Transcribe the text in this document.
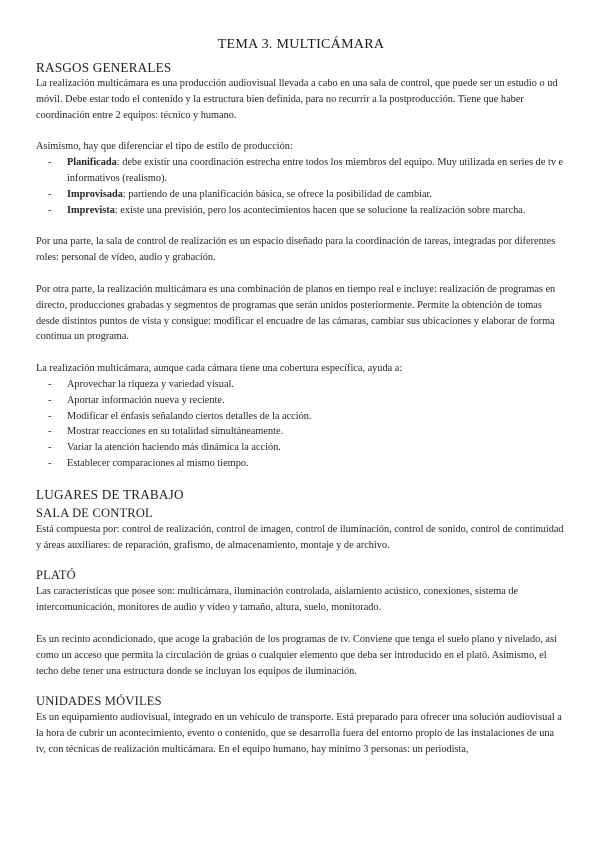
TEMA 3. MULTICÁMARA
RASGOS GENERALES

La realización multicámara es una producción audiovisual llevada a cabo en una sala de control, que puede ser un estudio o ud móvil. Debe estar todo el contenido y la estructura bien definida, para no recurrir a la postproducción. Tiene que haber coordinación entre 2 equipos: técnico y humano.

Asimismo, hay que diferenciar el tipo de estilo de producción:

- Planificada: debe existir una coordinación estrecha entre todos los miembros del equipo. Muy utilizada en series de tv e informativos (realismo).
- Improvisada: partiendo de una planificación básica, se ofrece la posibilidad de cambiar.
- Imprevista: existe una previsión, pero los acontecimientos hacen que se solucione la realización sobre marcha.

Por una parte, la sala de control de realización es un espacio diseñado para la coordinación de tareas, integradas por diferentes roles: personal de vídeo, audio y grabación.

Por otra parte, la realización multicámara es una combinación de planos en tiempo real e incluye: realización de programas en directo, producciones grabadas y segmentos de programas que serán unidos posteriormente. Permite la obtención de tomas desde distintos puntos de vista y consigue: modificar el encuadre de las cámaras, cambiar sus ubicaciones y elaborar de forma continua un programa.

La realización multicámara, aunque cada cámara tiene una cobertura específica, ayuda a:

- Aprovechar la riqueza y variedad visual.
- Aportar información nueva y reciente.
- Modificar el énfasis señalando ciertos detalles de la acción.
- Mostrar reacciones en su totalidad simultáneamente.
- Variar la atención haciendo más dinámica la acción.
- Establecer comparaciones al mismo tiempo.
LUGARES DE TRABAJO
SALA DE CONTROL

Está compuesta por: control de realización, control de imagen, control de iluminación, control de sonido, control de continuidad y áreas auxiliares: de reparación, grafismo, de almacenamiento, montaje y de archivo.

PLATÓ

Las características que posee son: multicámara, iluminación controlada, aislamiento acústico, conexiones, sistema de intercomunicación, monitores de audio y vídeo y tamaño, altura, suelo, monitorado.

Es un recinto acondicionado, que acoge la grabación de los programas de tv. Conviene que tenga el suelo plano y nivelado, así como un acceso que permita la circulación de grúas o cualquier elemento que deba ser introducido en el plató. Asimismo, el techo debe tener una estructura donde se incluyan los equipos de iluminación.

UNIDADES MÓVILES

Es un equipamiento audiovisual, integrado en un vehículo de transporte. Está preparado para ofrecer una solución audiovisual a la hora de cubrir un acontecimiento, evento o contenido, que se desarrolla fuera del entorno propio de las instalaciones de una tv, con técnicas de realización multicámara. En el equipo humano, hay mínimo 3 personas: un periodista,
